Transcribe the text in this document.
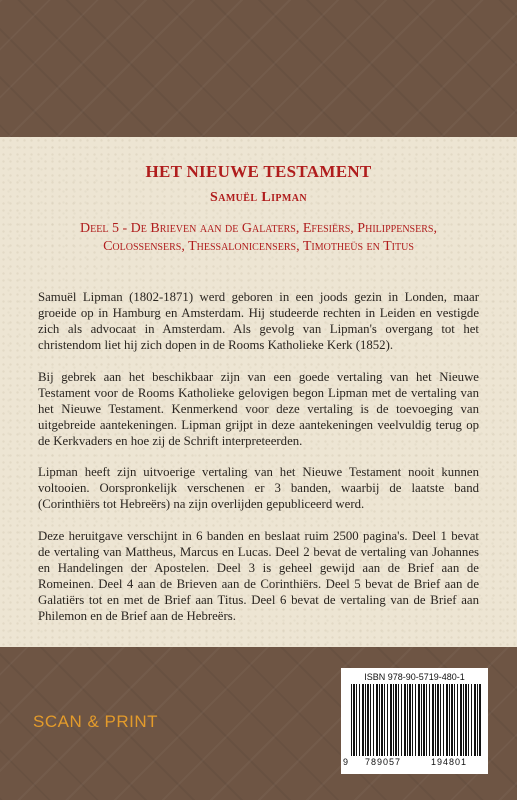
HET NIEUWE TESTAMENT
Samuël Lipman
Deel 5 - De Brieven aan de Galaters, Efesiërs, Philippensers,
Colossensers, Thessalonicensers, Timotheüs en Titus

Samuël Lipman (1802-1871) werd geboren in een joods gezin in Londen, maar groeide op in Hamburg en Amsterdam. Hij studeerde rechten in Leiden en vestigde zich als advocaat in Amsterdam. Als gevolg van Lipman's overgang tot het christendom liet hij zich dopen in de Rooms Katholieke Kerk (1852).

Bij gebrek aan het beschikbaar zijn van een goede vertaling van het Nieuwe Testament voor de Rooms Katholieke gelovigen begon Lipman met de vertaling van het Nieuwe Testament. Kenmerkend voor deze vertaling is de toevoeging van uitgebreide aantekeningen. Lipman grijpt in deze aantekeningen veelvuldig terug op de Kerkvaders en hoe zij de Schrift interpreteerden.

Lipman heeft zijn uitvoerige vertaling van het Nieuwe Testament nooit kunnen voltooien. Oorspronkelijk verschenen er 3 banden, waarbij de laatste band (Corinthiërs tot Hebreërs) na zijn overlijden gepubliceerd werd.

Deze heruitgave verschijnt in 6 banden en beslaat ruim 2500 pagina's. Deel 1 bevat de vertaling van Mattheus, Marcus en Lucas. Deel 2 bevat de vertaling van Johannes en Handelingen der Apostelen. Deel 3 is geheel gewijd aan de Brief aan de Romeinen. Deel 4 aan de Brieven aan de Corinthiërs. Deel 5 bevat de Brief aan de Galatiërs tot en met de Brief aan Titus. Deel 6 bevat de vertaling van de Brief aan Philemon en de Brief aan de Hebreërs.

SCAN & PRINT
ISBN 978-90-5719-480-1
9	789057	194801
